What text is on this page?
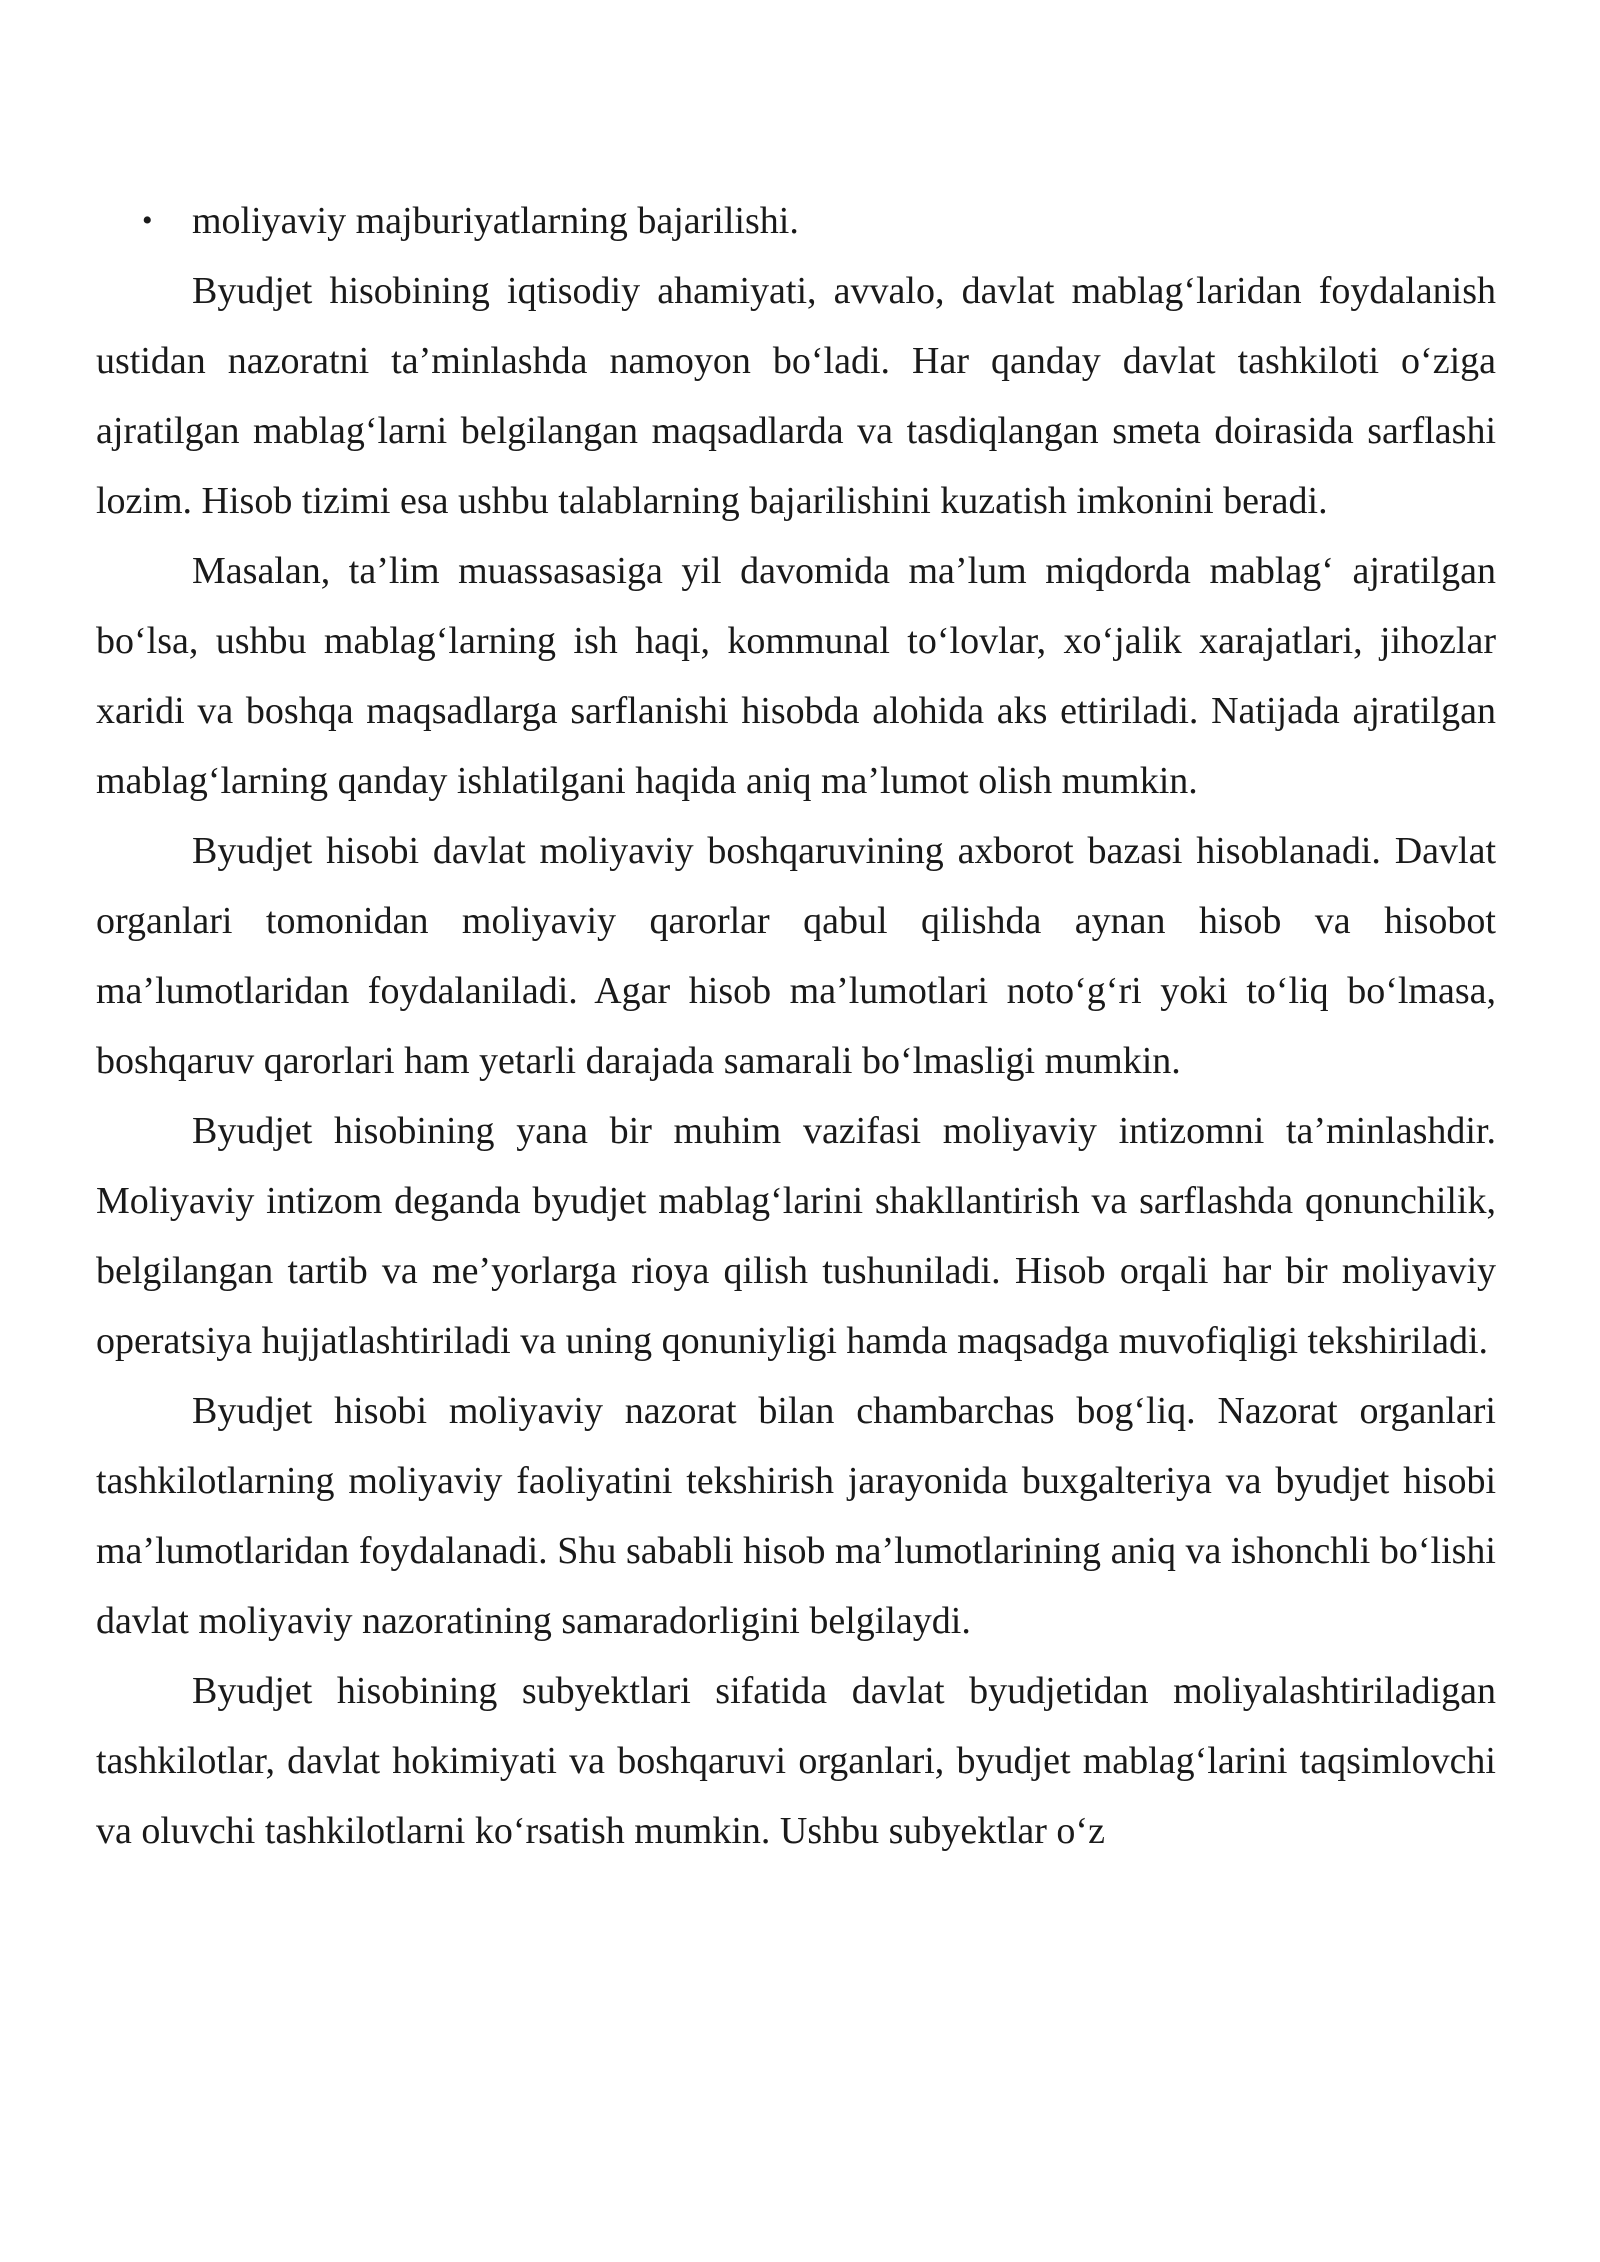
• moliyaviy majburiyatlarning bajarilishi.

Byudjet hisobining iqtisodiy ahamiyati, avvalo, davlat mablag‘laridan foydalanish ustidan nazoratni ta’minlashda namoyon bo‘ladi. Har qanday davlat tashkiloti o‘ziga ajratilgan mablag‘larni belgilangan maqsadlarda va tasdiqlangan smeta doirasida sarflashi lozim. Hisob tizimi esa ushbu talablarning bajarilishini kuzatish imkonini beradi.

Masalan, ta’lim muassasasiga yil davomida ma’lum miqdorda mablag‘ ajratilgan bo‘lsa, ushbu mablag‘larning ish haqi, kommunal to‘lovlar, xo‘jalik xarajatlari, jihozlar xaridi va boshqa maqsadlarga sarflanishi hisobda alohida aks ettiriladi. Natijada ajratilgan mablag‘larning qanday ishlatilgani haqida aniq ma’lumot olish mumkin.

Byudjet hisobi davlat moliyaviy boshqaruvining axborot bazasi hisoblanadi. Davlat organlari tomonidan moliyaviy qarorlar qabul qilishda aynan hisob va hisobot ma’lumotlaridan foydalaniladi. Agar hisob ma’lumotlari noto‘g‘ri yoki to‘liq bo‘lmasa, boshqaruv qarorlari ham yetarli darajada samarali bo‘lmasligi mumkin.

Byudjet hisobining yana bir muhim vazifasi moliyaviy intizomni ta’minlashdir. Moliyaviy intizom deganda byudjet mablag‘larini shakllantirish va sarflashda qonunchilik, belgilangan tartib va me’yorlarga rioya qilish tushuniladi. Hisob orqali har bir moliyaviy operatsiya hujjatlashtiriladi va uning qonuniyligi hamda maqsadga muvofiqligi tekshiriladi.

Byudjet hisobi moliyaviy nazorat bilan chambarchas bog‘liq. Nazorat organlari tashkilotlarning moliyaviy faoliyatini tekshirish jarayonida buxgalteriya va byudjet hisobi ma’lumotlaridan foydalanadi. Shu sababli hisob ma’lumotlarining aniq va ishonchli bo‘lishi davlat moliyaviy nazoratining samaradorligini belgilaydi.

Byudjet hisobining subyektlari sifatida davlat byudjetidan moliyalashtiriladigan tashkilotlar, davlat hokimiyati va boshqaruvi organlari, byudjet mablag‘larini taqsimlovchi va oluvchi tashkilotlarni ko‘rsatish mumkin. Ushbu subyektlar o‘z
